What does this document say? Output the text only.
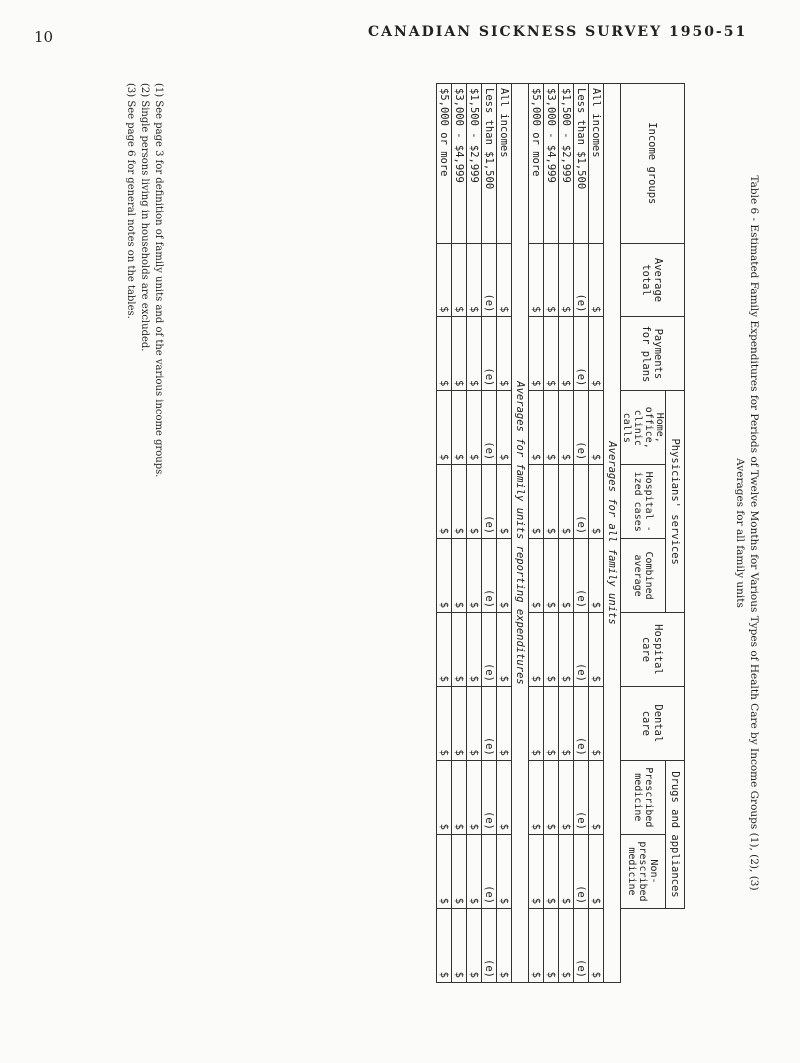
10	CANADIAN SICKNESS SURVEY 1950-51
Table 6 - Estimated Family Expenditures for Periods of Twelve Months for Various Types of Health Care by Income Groups (1), (2), (3)
Averages for all family units
Income groups	Average total	Payments for plans	Physicians' services			Hospital care	Dental care	Drugs and appliances		
			Home, office, clinic calls	Hospital - ized cases	Combined average			Prescribed medicine	Non-prescribed medicine	
Averages for all family units										
All incomes	$	$	$	$	$	$	$	$	$	$
Less than $1,500	(e)	(e)	(e)	(e)	(e)	(e)	(e)	(e)	(e)	(e)
$1,500 - $2,999	$	$	$	$	$	$	$	$	$	$
$3,000 - $4,999	$	$	$	$	$	$	$	$	$	$
$5,000 or more	$	$	$	$	$	$	$	$	$	$
Averages for family units reporting expenditures										
All incomes	$	$	$	$	$	$	$	$	$	$
Less than $1,500	(e)	(e)	(e)	(e)	(e)	(e)	(e)	(e)	(e)	(e)
$1,500 - $2,999	$	$	$	$	$	$	$	$	$	$
$3,000 - $4,999	$	$	$	$	$	$	$	$	$	$
$5,000 or more	$	$	$	$	$	$	$	$	$	$
(1) See page 3 for definition of family units and of the various income groups.
(2) Single persons living in households are excluded.
(3) See page 6 for general notes on the tables.
